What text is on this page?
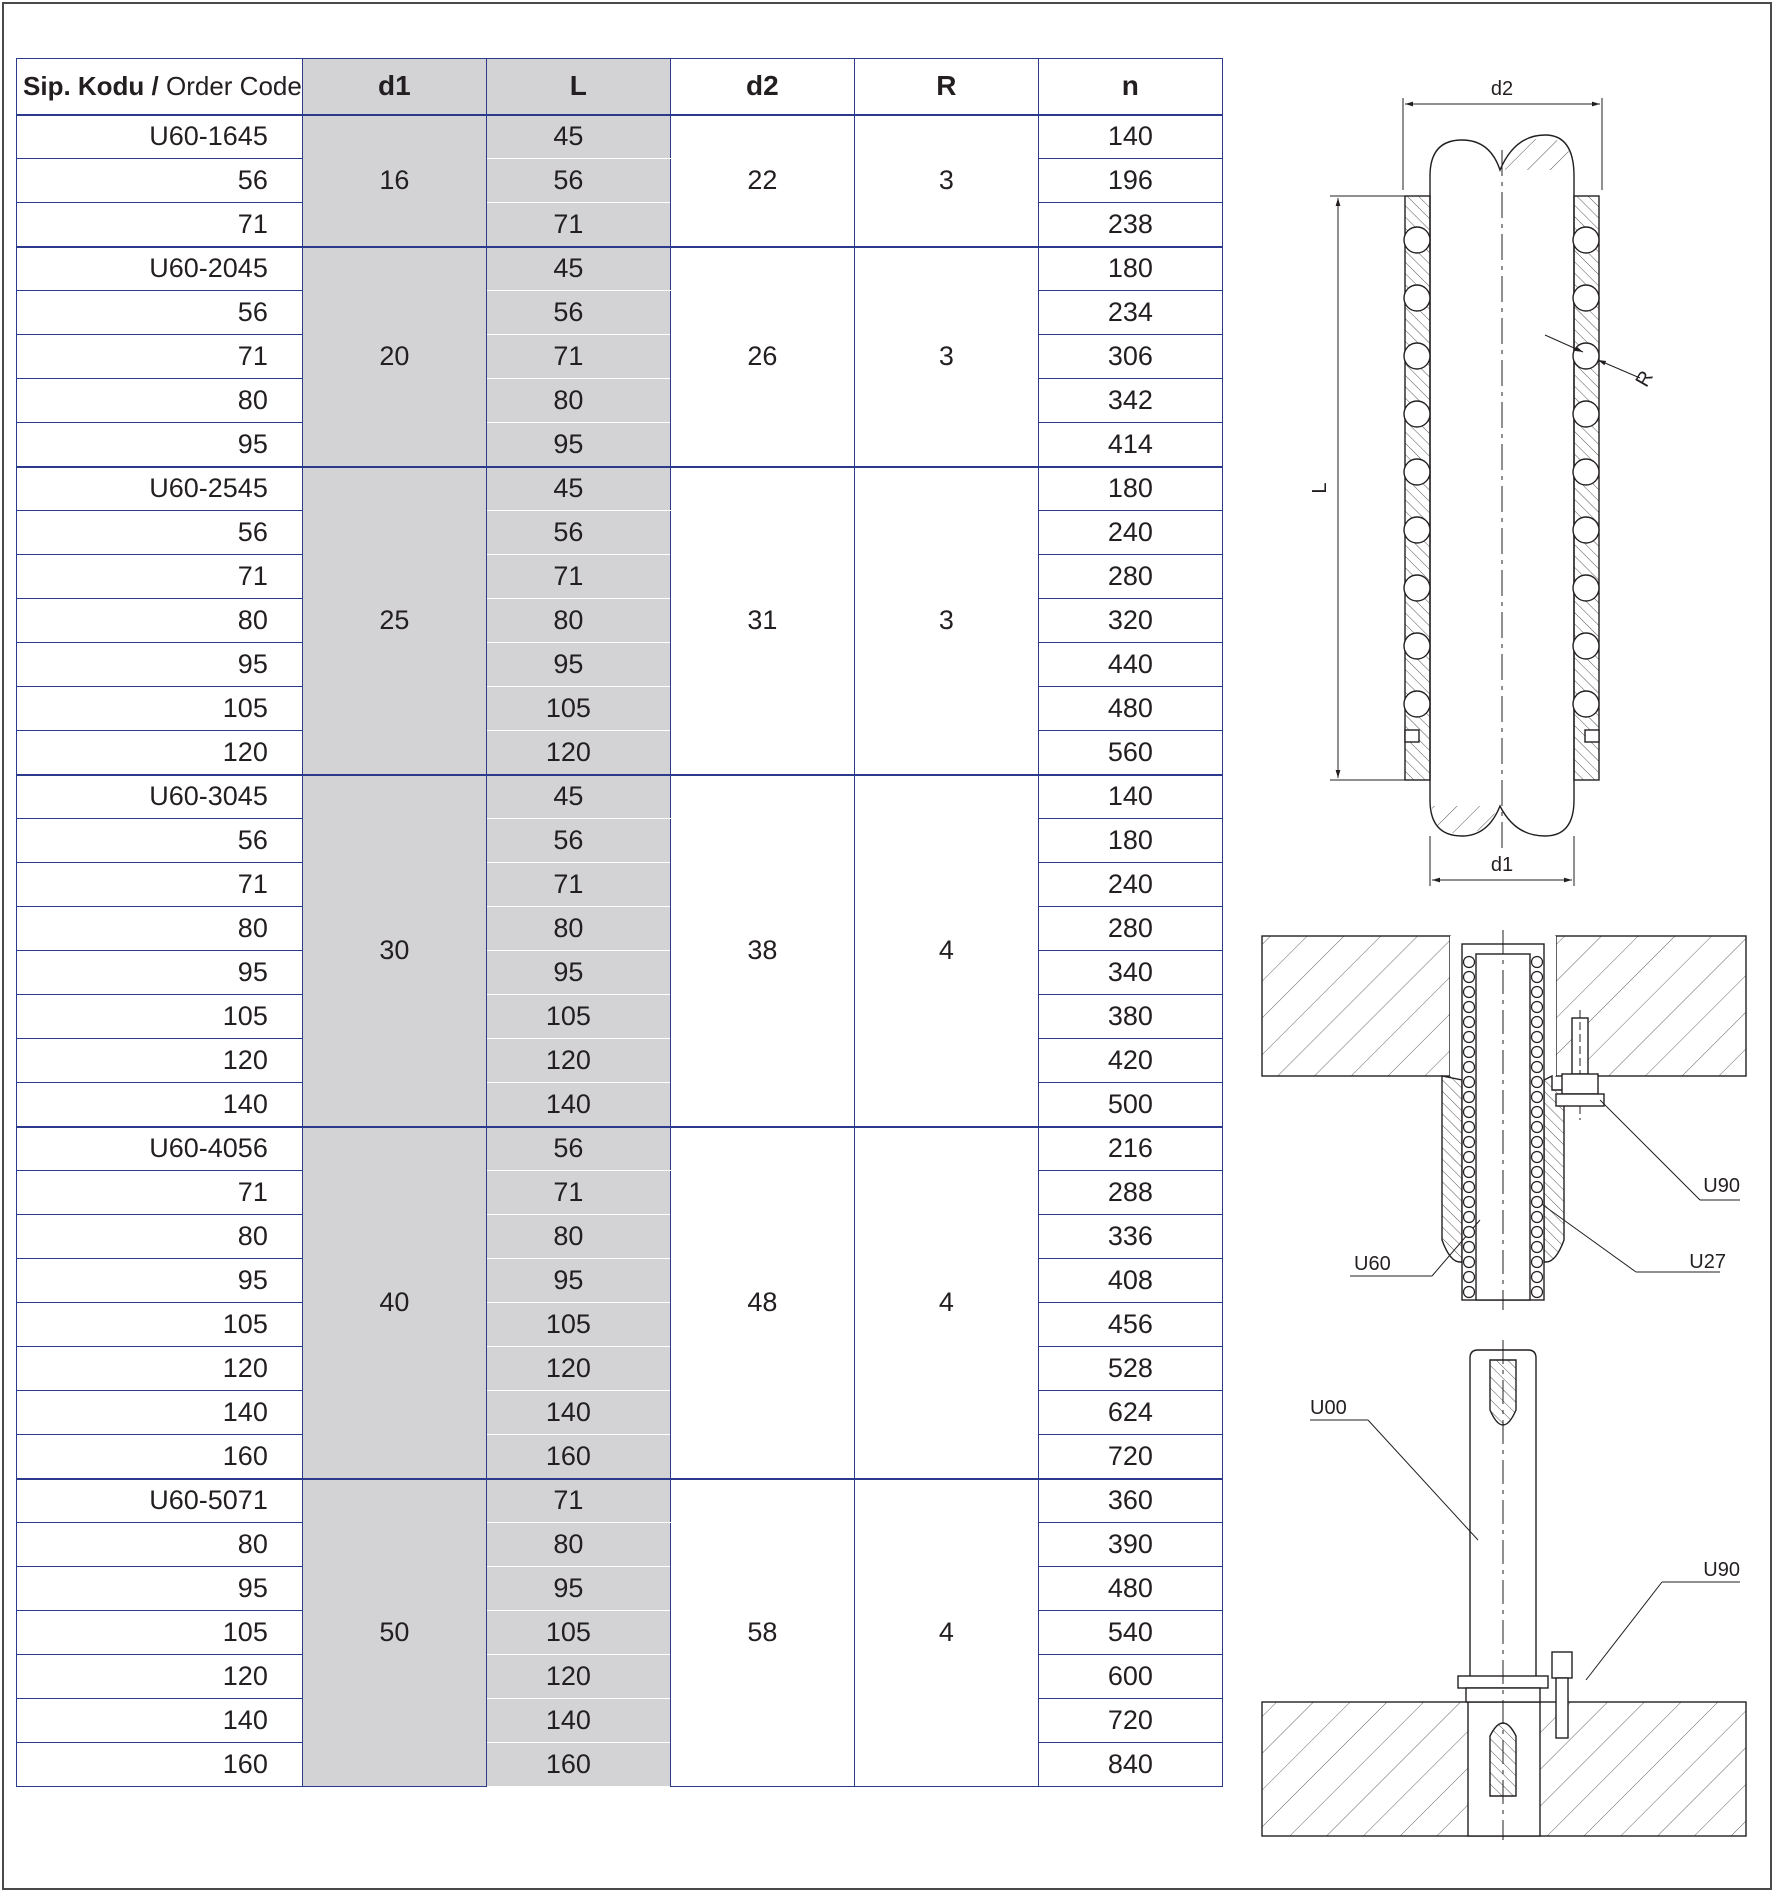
Sip. Kodu / Order Code	d1	L	d2	R	n
U60-1645	16	45	22	3	140
56		56			196
71		71			238
U60-2045	20	45	26	3	180
56		56			234
71		71			306
80		80			342
95		95			414
U60-2545	25	45	31	3	180
56		56			240
71		71			280
80		80			320
95		95			440
105		105			480
120		120			560
U60-3045	30	45	38	4	140
56		56			180
71		71			240
80		80			280
95		95			340
105		105			380
120		120			420
140		140			500
U60-4056	40	56	48	4	216
71		71			288
80		80			336
95		95			408
105		105			456
120		120			528
140		140			624
160		160			720
U60-5071	50	71	58	4	360
80		80			390
95		95			480
105		105			540
120		120			600
140		140			720
160		160			840
d2
d1
L
R
U90
U60	U27
U00
U90
